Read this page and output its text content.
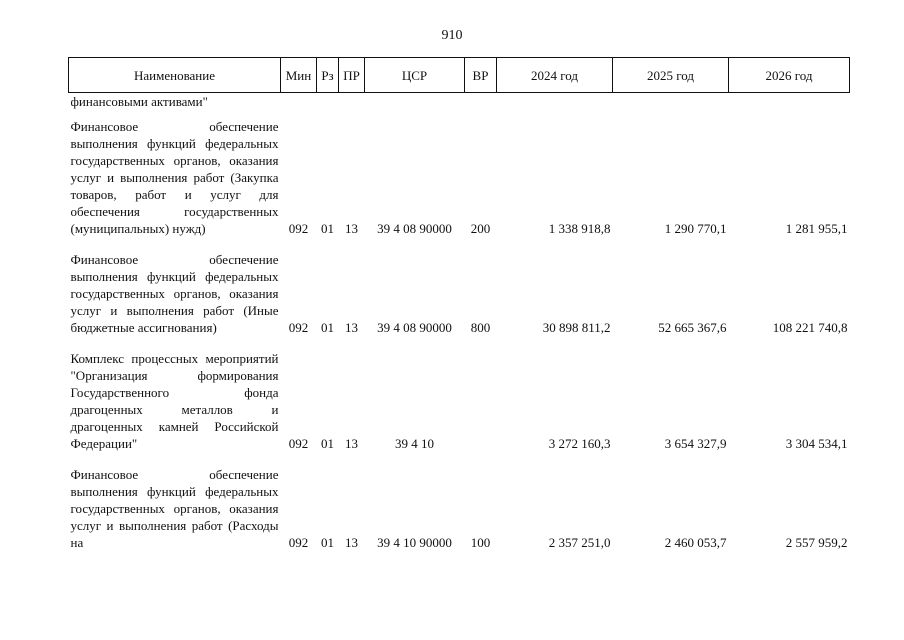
910
Наименование	Мин	Рз	ПР	ЦСР	ВР	2024 год	2025 год	2026 год
финансовыми активами"								
Финансовое обеспечение выполнения функций федеральных государственных органов, оказания услуг и выполнения работ (Закупка товаров, работ и услуг для обеспечения государственных (муниципальных) нужд)	092	01	13	39 4 08 90000	200	1 338 918,8	1 290 770,1	1 281 955,1
Финансовое обеспечение выполнения функций федеральных государственных органов, оказания услуг и выполнения работ (Иные бюджетные ассигнования)	092	01	13	39 4 08 90000	800	30 898 811,2	52 665 367,6	108 221 740,8
Комплекс процессных мероприятий "Организация формирования Государственного фонда драгоценных металлов и драгоценных камней Российской Федерации"	092	01	13	39 4 10		3 272 160,3	3 654 327,9	3 304 534,1
Финансовое обеспечение выполнения функций федеральных государственных органов, оказания услуг и выполнения работ (Расходы на	092	01	13	39 4 10 90000	100	2 357 251,0	2 460 053,7	2 557 959,2
